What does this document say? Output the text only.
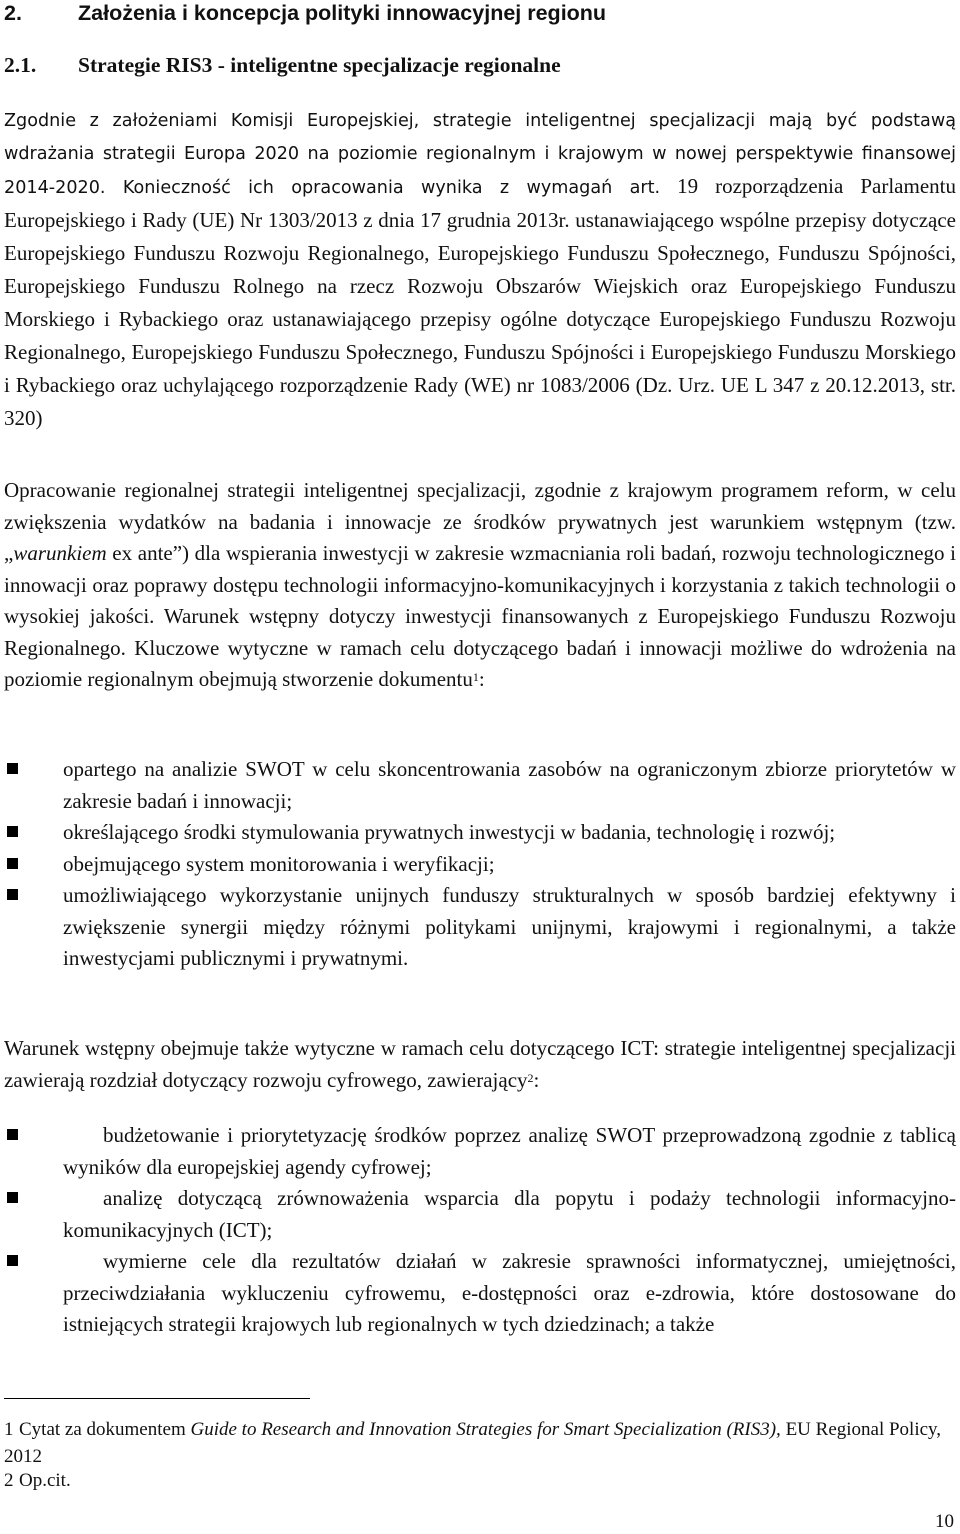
2.	Założenia i koncepcja polityki innowacyjnej regionu
2.1. Strategie RIS3 - inteligentne specjalizacje regionalne
Zgodnie z założeniami Komisji Europejskiej, strategie inteligentnej specjalizacji mają być podstawą wdrażania strategii Europa 2020 na poziomie regionalnym i krajowym w nowej perspektywie finansowej 2014-2020. Konieczność ich opracowania wynika z wymagań art. 19 rozporządzenia Parlamentu Europejskiego i Rady (UE) Nr 1303/2013 z dnia 17 grudnia 2013r. ustanawiającego wspólne przepisy dotyczące Europejskiego Funduszu Rozwoju Regionalnego, Europejskiego Funduszu Społecznego, Funduszu Spójności, Europejskiego Funduszu Rolnego na rzecz Rozwoju Obszarów Wiejskich oraz Europejskiego Funduszu Morskiego i Rybackiego oraz ustanawiającego przepisy ogólne dotyczące Europejskiego Funduszu Rozwoju Regionalnego, Europejskiego Funduszu Społecznego, Funduszu Spójności i Europejskiego Funduszu Morskiego i Rybackiego oraz uchylającego rozporządzenie Rady (WE) nr 1083/2006 (Dz. Urz. UE L 347 z 20.12.2013, str. 320)
Opracowanie regionalnej strategii inteligentnej specjalizacji, zgodnie z krajowym programem reform, w celu zwiększenia wydatków na badania i innowacje ze środków prywatnych jest warunkiem wstępnym (tzw. „warunkiem ex ante”) dla wspierania inwestycji w zakresie wzmacniania roli badań, rozwoju technologicznego i innowacji oraz poprawy dostępu technologii informacyjno-komunikacyjnych i korzystania z takich technologii o wysokiej jakości. Warunek wstępny dotyczy inwestycji finansowanych z Europejskiego Funduszu Rozwoju Regionalnego. Kluczowe wytyczne w ramach celu dotyczącego badań i innowacji możliwe do wdrożenia na poziomie regionalnym obejmują stworzenie dokumentu$^1$:
opartego na analizie SWOT w celu skoncentrowania zasobów na ograniczonym zbiorze priorytetów w zakresie badań i innowacji;
określającego środki stymulowania prywatnych inwestycji w badania, technologię i rozwój;
obejmującego system monitorowania i weryfikacji;
umożliwiającego wykorzystanie unijnych funduszy strukturalnych w sposób bardziej efektywny i zwiększenie synergii między różnymi politykami unijnymi, krajowymi i regionalnymi, a także inwestycjami publicznymi i prywatnymi.
Warunek wstępny obejmuje także wytyczne w ramach celu dotyczącego ICT: strategie inteligentnej specjalizacji zawierają rozdział dotyczący rozwoju cyfrowego, zawierający$^2$:
budżetowanie i priorytetyzację środków poprzez analizę SWOT przeprowadzoną zgodnie z tablicą wyników dla europejskiej agendy cyfrowej;
analizę dotyczącą zrównoważenia wsparcia dla popytu i podaży technologii informacyjno-komunikacyjnych (ICT);
wymierne cele dla rezultatów działań w zakresie sprawności informatycznej, umiejętności, przeciwdziałania wykluczeniu cyfrowemu, e-dostępności oraz e-zdrowia, które dostosowane do istniejących strategii krajowych lub regionalnych w tych dziedzinach; a także
1 Cytat za dokumentem Guide to Research and Innovation Strategies for Smart Specialization (RIS3), EU Regional Policy, 2012
2 Op.cit.
10
